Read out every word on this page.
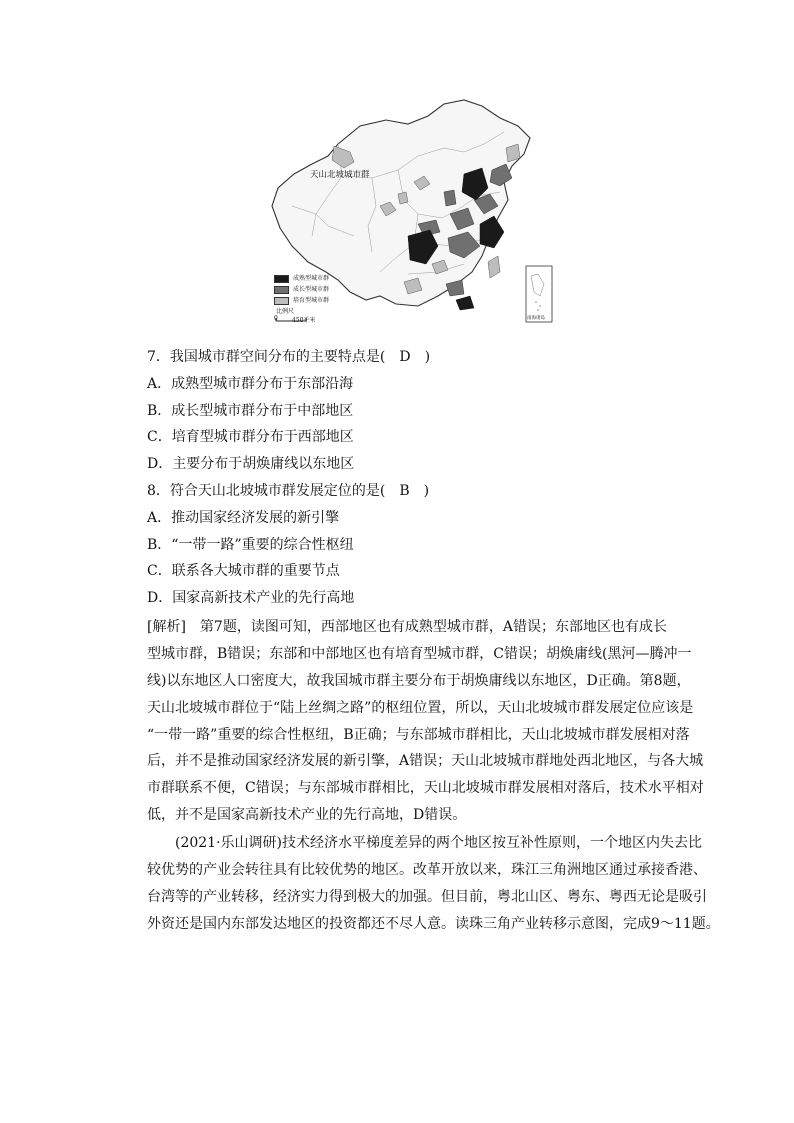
天山北坡城市群
成熟型城市群
成长型城市群
培育型城市群
比例尺
0 450千米	南海诸岛
7．我国城市群空间分布的主要特点是(　D　)
A．成熟型城市群分布于东部沿海
B．成长型城市群分布于中部地区
C．培育型城市群分布于西部地区
D．主要分布于胡焕庸线以东地区
8．符合天山北坡城市群发展定位的是(　B　)
A．推动国家经济发展的新引擎
B．“一带一路”重要的综合性枢纽
C．联系各大城市群的重要节点
D．国家高新技术产业的先行高地
[解析]　第7题，读图可知，西部地区也有成熟型城市群，A错误；东部地区也有成长
型城市群，B错误；东部和中部地区也有培育型城市群，C错误；胡焕庸线(黑河—腾冲一
线)以东地区人口密度大，故我国城市群主要分布于胡焕庸线以东地区，D正确。第8题，
天山北坡城市群位于“陆上丝绸之路”的枢纽位置，所以，天山北坡城市群发展定位应该是
“一带一路”重要的综合性枢纽，B正确；与东部城市群相比，天山北坡城市群发展相对落
后，并不是推动国家经济发展的新引擎，A错误；天山北坡城市群地处西北地区，与各大城
市群联系不便，C错误；与东部城市群相比，天山北坡城市群发展相对落后，技术水平相对
低，并不是国家高新技术产业的先行高地，D错误。
(2021·乐山调研)技术经济水平梯度差异的两个地区按互补性原则，一个地区内失去比
较优势的产业会转往具有比较优势的地区。改革开放以来，珠江三角洲地区通过承接香港、
台湾等的产业转移，经济实力得到极大的加强。但目前，粤北山区、粤东、粤西无论是吸引
外资还是国内东部发达地区的投资都还不尽人意。读珠三角产业转移示意图，完成9～11题。
